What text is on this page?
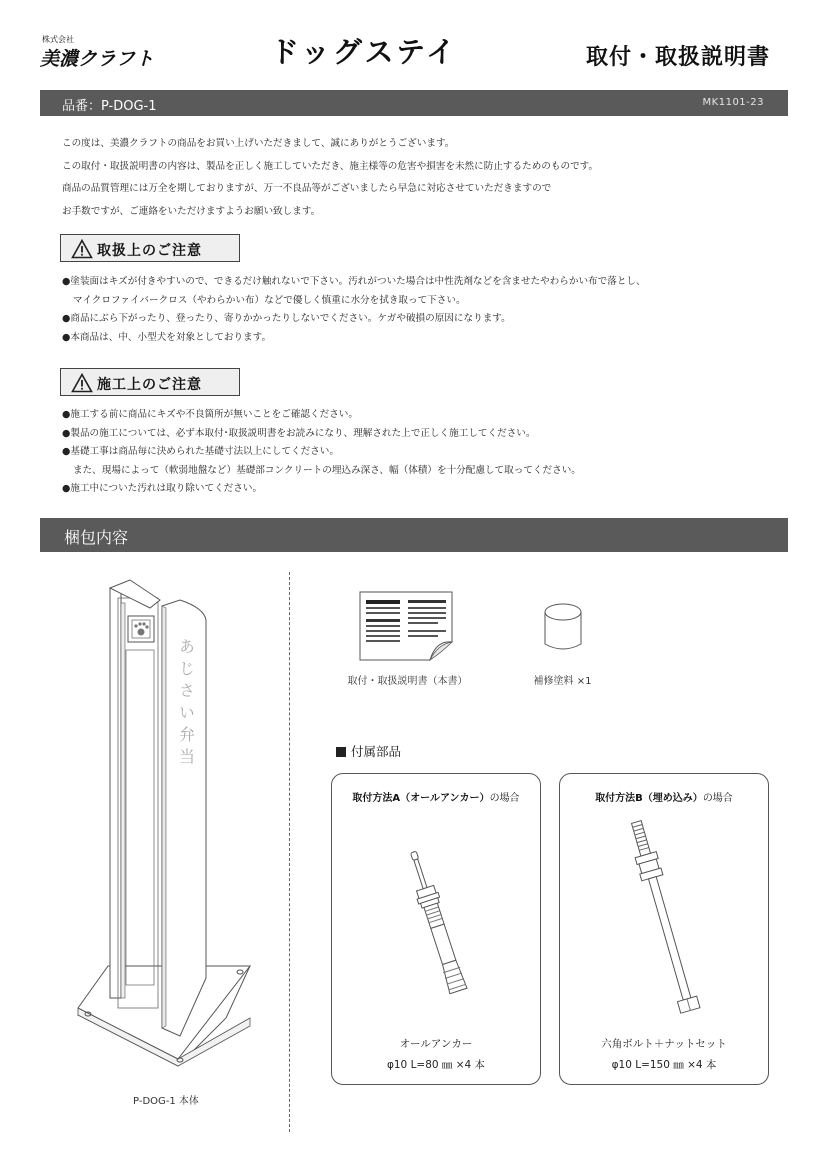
株式会社
美濃クラフト	ドッグステイ	取付・取扱説明書
品番：P-DOG-1	MK1101-23
この度は、美濃クラフトの商品をお買い上げいただきまして、誠にありがとうございます。
この取付・取扱説明書の内容は、製品を正しく施工していただき、施主様等の危害や損害を未然に防止するためのものです。
商品の品質管理には万全を期しておりますが、万一不良品等がございましたら早急に対応させていただきますので
お手数ですが、ご連絡をいただけますようお願い致します。
取扱上のご注意
●塗装面はキズが付きやすいので、できるだけ触れないで下さい。汚れがついた場合は中性洗剤などを含ませたやわらかい布で落とし、
マイクロファイバークロス（やわらかい布）などで優しく慎重に水分を拭き取って下さい。
●商品にぶら下がったり、登ったり、寄りかかったりしないでください。ケガや破損の原因になります。
●本商品は、中、小型犬を対象としております。
施工上のご注意
●施工する前に商品にキズや不良箇所が無いことをご確認ください。
●製品の施工については、必ず本取付･取扱説明書をお読みになり、理解された上で正しく施工してください。
●基礎工事は商品毎に決められた基礎寸法以上にしてください。
また、現場によって（軟弱地盤など）基礎部コンクリートの埋込み深さ、幅（体積）を十分配慮して取ってください。
●施工中についた汚れは取り除いてください。
梱包内容
あじさい弁当
P-DOG-1 本体
取付・取扱説明書（本書）	補修塗料 ×1
付属部品
取付方法A（オールアンカー）の場合
オールアンカー
φ10 L=80 ㎜ ×4 本
取付方法B（埋め込み）の場合
六角ボルト＋ナットセット
φ10 L=150 ㎜ ×4 本
